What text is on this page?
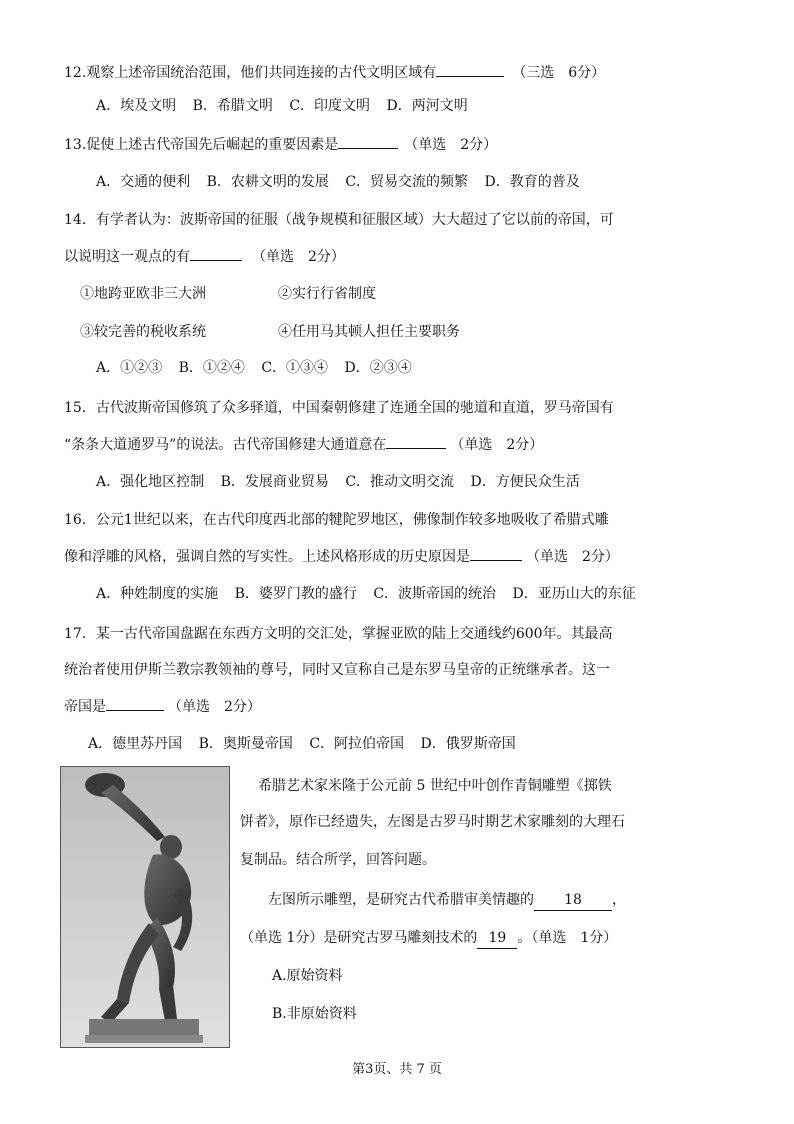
12.观察上述帝国统治范围，他们共同连接的古代文明区域有	（三选　6分）
A．埃及文明 B．希腊文明 C．印度文明 D．两河文明
13.促使上述古代帝国先后崛起的重要因素是	（单选　2分）
A．交通的便利 B．农耕文明的发展 C．贸易交流的频繁 D．教育的普及
14．有学者认为：波斯帝国的征服（战争规模和征服区域）大大超过了它以前的帝国，可
以说明这一观点的有	（单选　2分）
①地跨亚欧非三大洲	②实行行省制度
③较完善的税收系统	④任用马其顿人担任主要职务
A．①②③ B．①②④ C．①③④ D．②③④
15．古代波斯帝国修筑了众多驿道，中国秦朝修建了连通全国的驰道和直道，罗马帝国有
“条条大道通罗马”的说法。古代帝国修建大通道意在	（单选　2分）
A．强化地区控制 B．发展商业贸易 C．推动文明交流 D．方便民众生活
16．公元1世纪以来，在古代印度西北部的犍陀罗地区，佛像制作较多地吸收了希腊式雕
像和浮雕的风格，强调自然的写实性。上述风格形成的历史原因是	（单选　2分）
A．种姓制度的实施 B．婆罗门教的盛行 C．波斯帝国的统治 D．亚历山大的东征
17．某一古代帝国盘踞在东西方文明的交汇处，掌握亚欧的陆上交通线约600年。其最高
统治者使用伊斯兰教宗教领袖的尊号，同时又宣称自己是东罗马皇帝的正统继承者。这一
帝国是	（单选　2分）
A．德里苏丹国 B．奥斯曼帝国 C．阿拉伯帝国 D．俄罗斯帝国
希腊艺术家米隆于公元前 5 世纪中叶创作青铜雕塑《掷铁
饼者》，原作已经遗失，左图是古罗马时期艺术家雕刻的大理石
复制品。结合所学，回答问题。
左图所示雕塑，是研究古代希腊审美情趣的 18 ，
（单选 1分）是研究古罗马雕刻技术的 19 。（单选　1分）
A.原始资料
B.非原始资料
第3页、共 7 页
